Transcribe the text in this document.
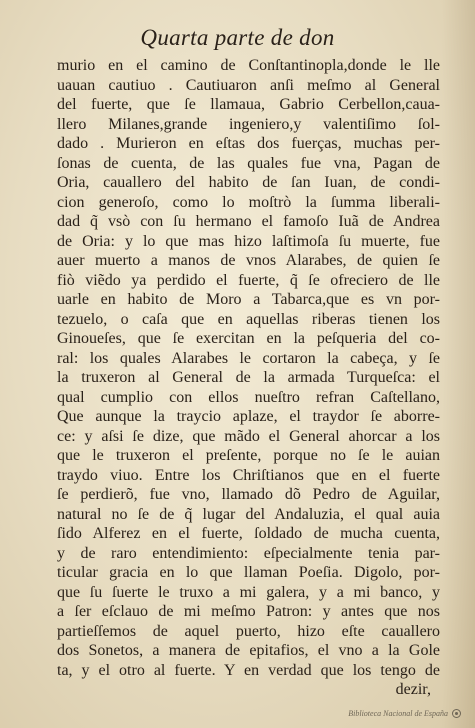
Quarta parte de don
murio en el camino de Conſtantinopla,donde le lle
uauan cautiuo . Cautiuaron anſi meſmo al General
del fuerte, que ſe llamaua, Gabrio Cerbellon,caua-
llero Milanes,grande ingeniero,y valentiſimo ſol-
dado . Murieron en eſtas dos fuerças, muchas per-
ſonas de cuenta, de las quales fue vna, Pagan de
Oria, cauallero del habito de ſan Iuan, de condi-
cion generoſo, como lo moſtrò la ſumma liberali-
dad q̃ vsò con ſu hermano el famoſo Iuã de Andrea
de Oria: y lo que mas hizo laſtimoſa ſu muerte, fue
auer muerto a manos de vnos Alarabes, de quien ſe
fiò viẽdo ya perdido el fuerte, q̃ ſe ofreciero de lle
uarle en habito de Moro a Tabarca,que es vn por-
tezuelo, o caſa que en aquellas riberas tienen los
Ginoueſes, que ſe exercitan en la peſqueria del co-
ral: los quales Alarabes le cortaron la cabeça, y ſe
la truxeron al General de la armada Turqueſca: el
qual cumplio con ellos nueſtro refran Caſtellano,
Que aunque la traycio aplaze, el traydor ſe aborre-
ce: y aſsi ſe dize, que mãdo el General ahorcar a los
que le truxeron el preſente, porque no ſe le auian
traydo viuo. Entre los Chriſtianos que en el fuerte
ſe perdierõ, fue vno, llamado dõ Pedro de Aguilar,
natural no ſe de q̃ lugar del Andaluzia, el qual auia
ſido Alferez en el fuerte, ſoldado de mucha cuenta,
y de raro entendimiento: eſpecialmente tenia par-
ticular gracia en lo que llaman Poeſia. Digolo, por-
que ſu ſuerte le truxo a mi galera, y a mi banco, y
a ſer eſclauo de mi meſmo Patron: y antes que nos
partieſſemos de aquel puerto, hizo eſte cauallero
dos Sonetos, a manera de epitafios, el vno a la Gole
ta, y el otro al fuerte. Y en verdad que los tengo de
dezir,
Biblioteca Nacional de España
